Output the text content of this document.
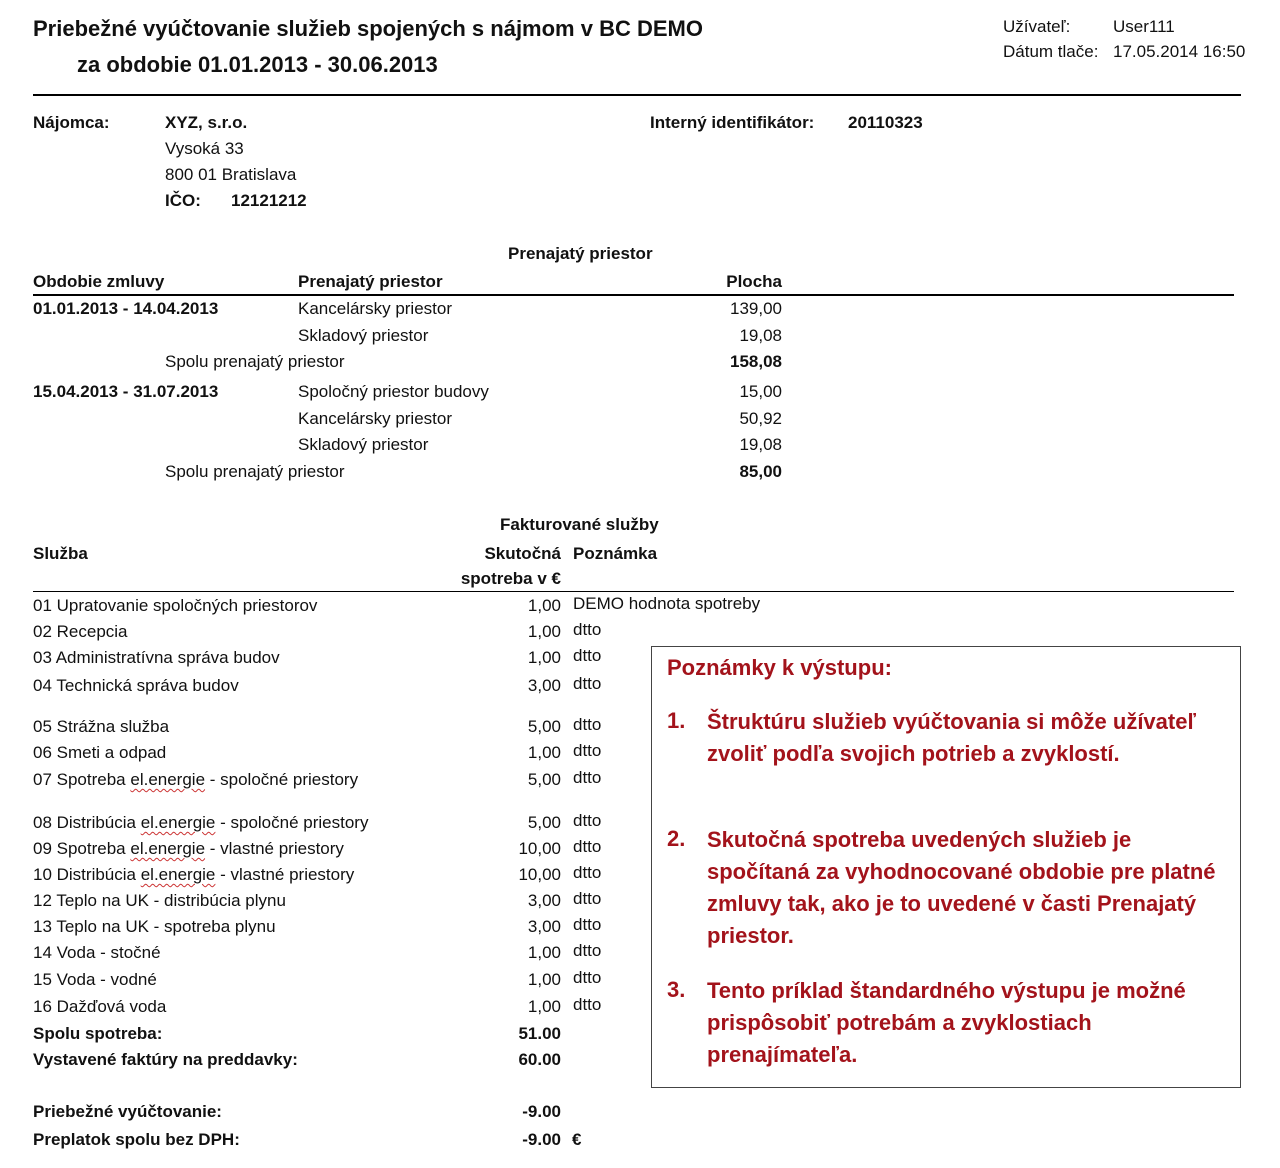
Priebežné vyúčtovanie služieb spojených s nájmom v BC DEMO
za obdobie 01.01.2013 - 30.06.2013
Užívateľ:	User111
Dátum tlače: 17.05.2014 16:50
Nájomca:	XYZ, s.r.o.
Vysoká 33
800 01 Bratislava
IČO: 12121212
Interný identifikátor: 20110323
Prenajatý priestor
Obdobie zmluvy	Prenajatý priestor	Plocha
01.01.2013 - 14.04.2013	Kancelársky priestor	139,00
Skladový priestor	19,08
Spolu prenajatý priestor	158,08
15.04.2013 - 31.07.2013	Spoločný priestor budovy	15,00
Kancelársky priestor	50,92
Skladový priestor	19,08
Spolu prenajatý priestor	85,00
Fakturované služby
Služba	Skutočná
spotreba v €
Poznámka
01 Upratovanie spoločných priestorov	1,00 DEMO hodnota spotreby
02 Recepcia	1,00 dtto
03 Administratívna správa budov	1,00 dtto
04 Technická správa budov	3,00 dtto
05 Strážna služba	5,00 dtto
06 Smeti a odpad	1,00 dtto
07 Spotreba el.energie - spoločné priestory	5,00 dtto
08 Distribúcia el.energie - spoločné priestory	5,00 dtto
09 Spotreba el.energie - vlastné priestory	10,00 dtto
10 Distribúcia el.energie - vlastné priestory	10,00 dtto
12 Teplo na UK - distribúcia plynu	3,00 dtto
13 Teplo na UK - spotreba plynu	3,00 dtto
14 Voda - stočné	1,00 dtto
15 Voda - vodné	1,00 dtto
16 Dažďová voda	1,00 dtto
Spolu spotreba:	51.00
Vystavené faktúry na preddavky:	60.00
Priebežné vyúčtovanie:	-9.00
Preplatok spolu bez DPH:	-9.00 €
Poznámky k výstupu:
1. Štruktúru služieb vyúčtovania si môže užívateľ zvoliť podľa svojich potrieb a zvyklostí.
2. Skutočná spotreba uvedených služieb je spočítaná za vyhodnocované obdobie pre platné zmluvy tak, ako je to uvedené v časti Prenajatý priestor.
3. Tento príklad štandardného výstupu je možné prispôsobiť potrebám a zvyklostiach prenajímateľa.
